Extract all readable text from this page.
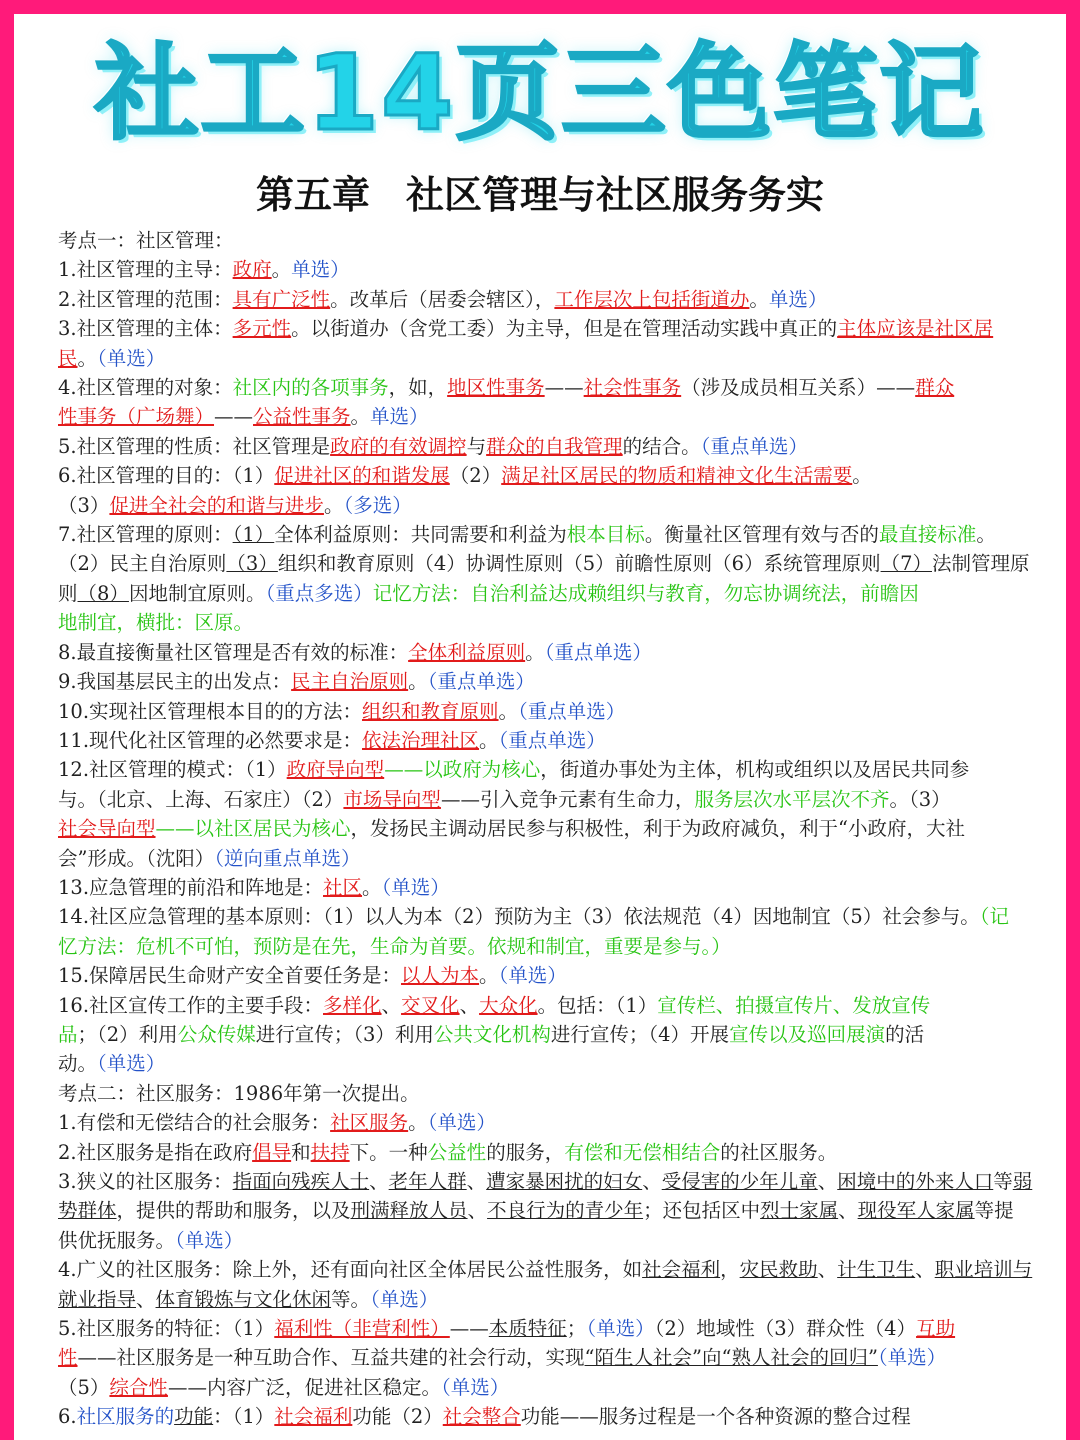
社工14页三色笔记
第五章 社区管理与社区服务务实
考点一：社区管理：
1.社区管理的主导：政府。单选）
2.社区管理的范围：具有广泛性。改革后（居委会辖区），工作层次上包括街道办。单选）
3.社区管理的主体：多元性。以街道办（含党工委）为主导，但是在管理活动实践中真正的主体应该是社区居
民。（单选）
4.社区管理的对象：社区内的各项事务，如，地区性事务——社会性事务（涉及成员相互关系）——群众
性事务（广场舞）——公益性事务。单选）
5.社区管理的性质：社区管理是政府的有效调控与群众的自我管理的结合。（重点单选）
6.社区管理的目的：（1）促进社区的和谐发展（2）满足社区居民的物质和精神文化生活需要。
（3）促进全社会的和谐与进步。（多选）
7.社区管理的原则：（1）全体利益原则：共同需要和利益为根本目标。衡量社区管理有效与否的最直接标准。
（2）民主自治原则（3）组织和教育原则（4）协调性原则（5）前瞻性原则（6）系统管理原则（7）法制管理原
则（8）因地制宜原则。（重点多选）记忆方法：自治利益达成赖组织与教育，勿忘协调统法，前瞻因
地制宜，横批：区原。
8.最直接衡量社区管理是否有效的标准：全体利益原则。（重点单选）
9.我国基层民主的出发点：民主自治原则。（重点单选）
10.实现社区管理根本目的的方法：组织和教育原则。（重点单选）
11.现代化社区管理的必然要求是：依法治理社区。（重点单选）
12.社区管理的模式：（1）政府导向型——以政府为核心，街道办事处为主体，机构或组织以及居民共同参
与。（北京、上海、石家庄）（2）市场导向型——引入竞争元素有生命力，服务层次水平层次不齐。（3）
社会导向型——以社区居民为核心，发扬民主调动居民参与积极性，利于为政府减负，利于“小政府，大社
会”形成。（沈阳）（逆向重点单选）
13.应急管理的前沿和阵地是：社区。（单选）
14.社区应急管理的基本原则：（1）以人为本（2）预防为主（3）依法规范（4）因地制宜（5）社会参与。（记
忆方法：危机不可怕，预防是在先，生命为首要。依规和制宜，重要是参与。）
15.保障居民生命财产安全首要任务是：以人为本。（单选）
16.社区宣传工作的主要手段：多样化、交叉化、大众化。包括：（1）宣传栏、拍摄宣传片、发放宣传
品；（2）利用公众传媒进行宣传；（3）利用公共文化机构进行宣传；（4）开展宣传以及巡回展演的活
动。（单选）
考点二：社区服务：1986年第一次提出。
1.有偿和无偿结合的社会服务：社区服务。（单选）
2.社区服务是指在政府倡导和扶持下。一种公益性的服务，有偿和无偿相结合的社区服务。
3.狭义的社区服务：指面向残疾人士、老年人群、遭家暴困扰的妇女、受侵害的少年儿童、困境中的外来人口等弱
势群体，提供的帮助和服务，以及刑满释放人员、不良行为的青少年；还包括区中烈士家属、现役军人家属等提
供优抚服务。（单选）
4.广义的社区服务：除上外，还有面向社区全体居民公益性服务，如社会福利，灾民救助、计生卫生、职业培训与
就业指导、体育锻炼与文化休闲等。（单选）
5.社区服务的特征：（1）福利性（非营利性）——本质特征；（单选）（2）地域性（3）群众性（4）互助
性——社区服务是一种互助合作、互益共建的社会行动，实现“陌生人社会”向“熟人社会的回归”（单选）
（5）综合性——内容广泛，促进社区稳定。（单选）
6.社区服务的功能：（1）社会福利功能（2）社会整合功能——服务过程是一个各种资源的整合过程
